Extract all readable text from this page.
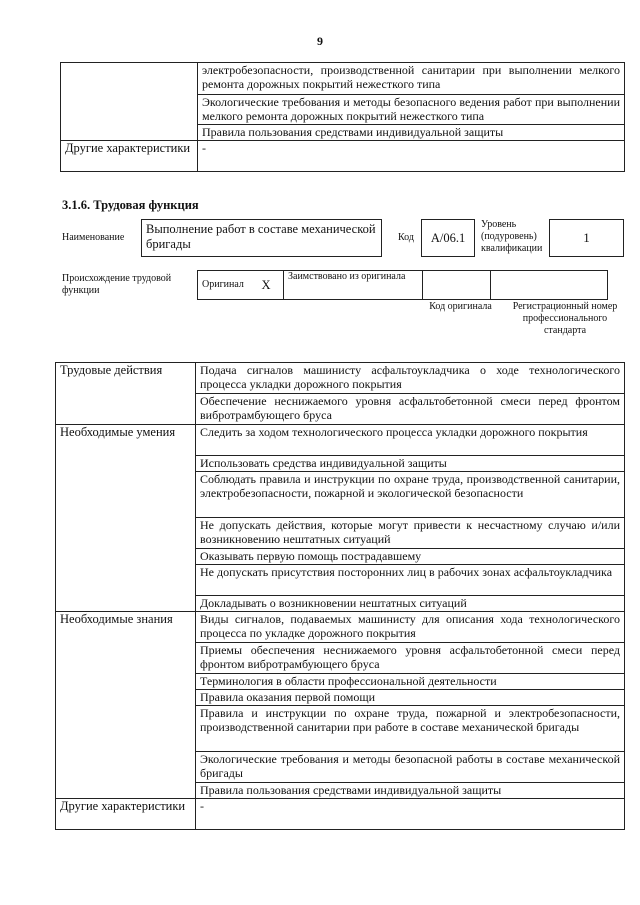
9
	электробезопасности, производственной санитарии при выполнении мелкого ремонта дорожных покрытий нежесткого типа
	Экологические требования и методы безопасного ведения работ при выполнении мелкого ремонта дорожных покрытий нежесткого типа
	Правила пользования средствами индивидуальной защиты
Другие характеристики	-
3.1.6. Трудовая функция
Наименование
Выполнение работ в составе механической бригады	Код	А/06.1
Уровень (подуровень) квалификации
1
Происхождение трудовой функции
Оригинал	X	Заимствовано из оригинала		
Код оригинала	Регистрационный номер профессионального стандарта
Трудовые действия	Подача сигналов машинисту асфальтоукладчика о ходе технологического процесса укладки дорожного покрытия
	Обеспечение неснижаемого уровня асфальтобетонной смеси перед фронтом вибротрамбующего бруса
Необходимые умения	Следить за ходом технологического процесса укладки дорожного покрытия
	Использовать средства индивидуальной защиты
	Соблюдать правила и инструкции по охране труда, производственной санитарии, электробезопасности, пожарной и экологической безопасности
	Не допускать действия, которые могут привести к несчастному случаю и/или возникновению нештатных ситуаций
	Оказывать первую помощь пострадавшему
	Не допускать присутствия посторонних лиц в рабочих зонах асфальтоукладчика
	Докладывать о возникновении нештатных ситуаций
Необходимые знания	Виды сигналов, подаваемых машинисту для описания хода технологического процесса по укладке дорожного покрытия
	Приемы обеспечения неснижаемого уровня асфальтобетонной смеси перед фронтом вибротрамбующего бруса
	Терминология в области профессиональной деятельности
	Правила оказания первой помощи
	Правила и инструкции по охране труда, пожарной и электробезопасности, производственной санитарии при работе в составе механической бригады
	Экологические требования и методы безопасной работы в составе механической бригады
	Правила пользования средствами индивидуальной защиты
Другие характеристики	-
